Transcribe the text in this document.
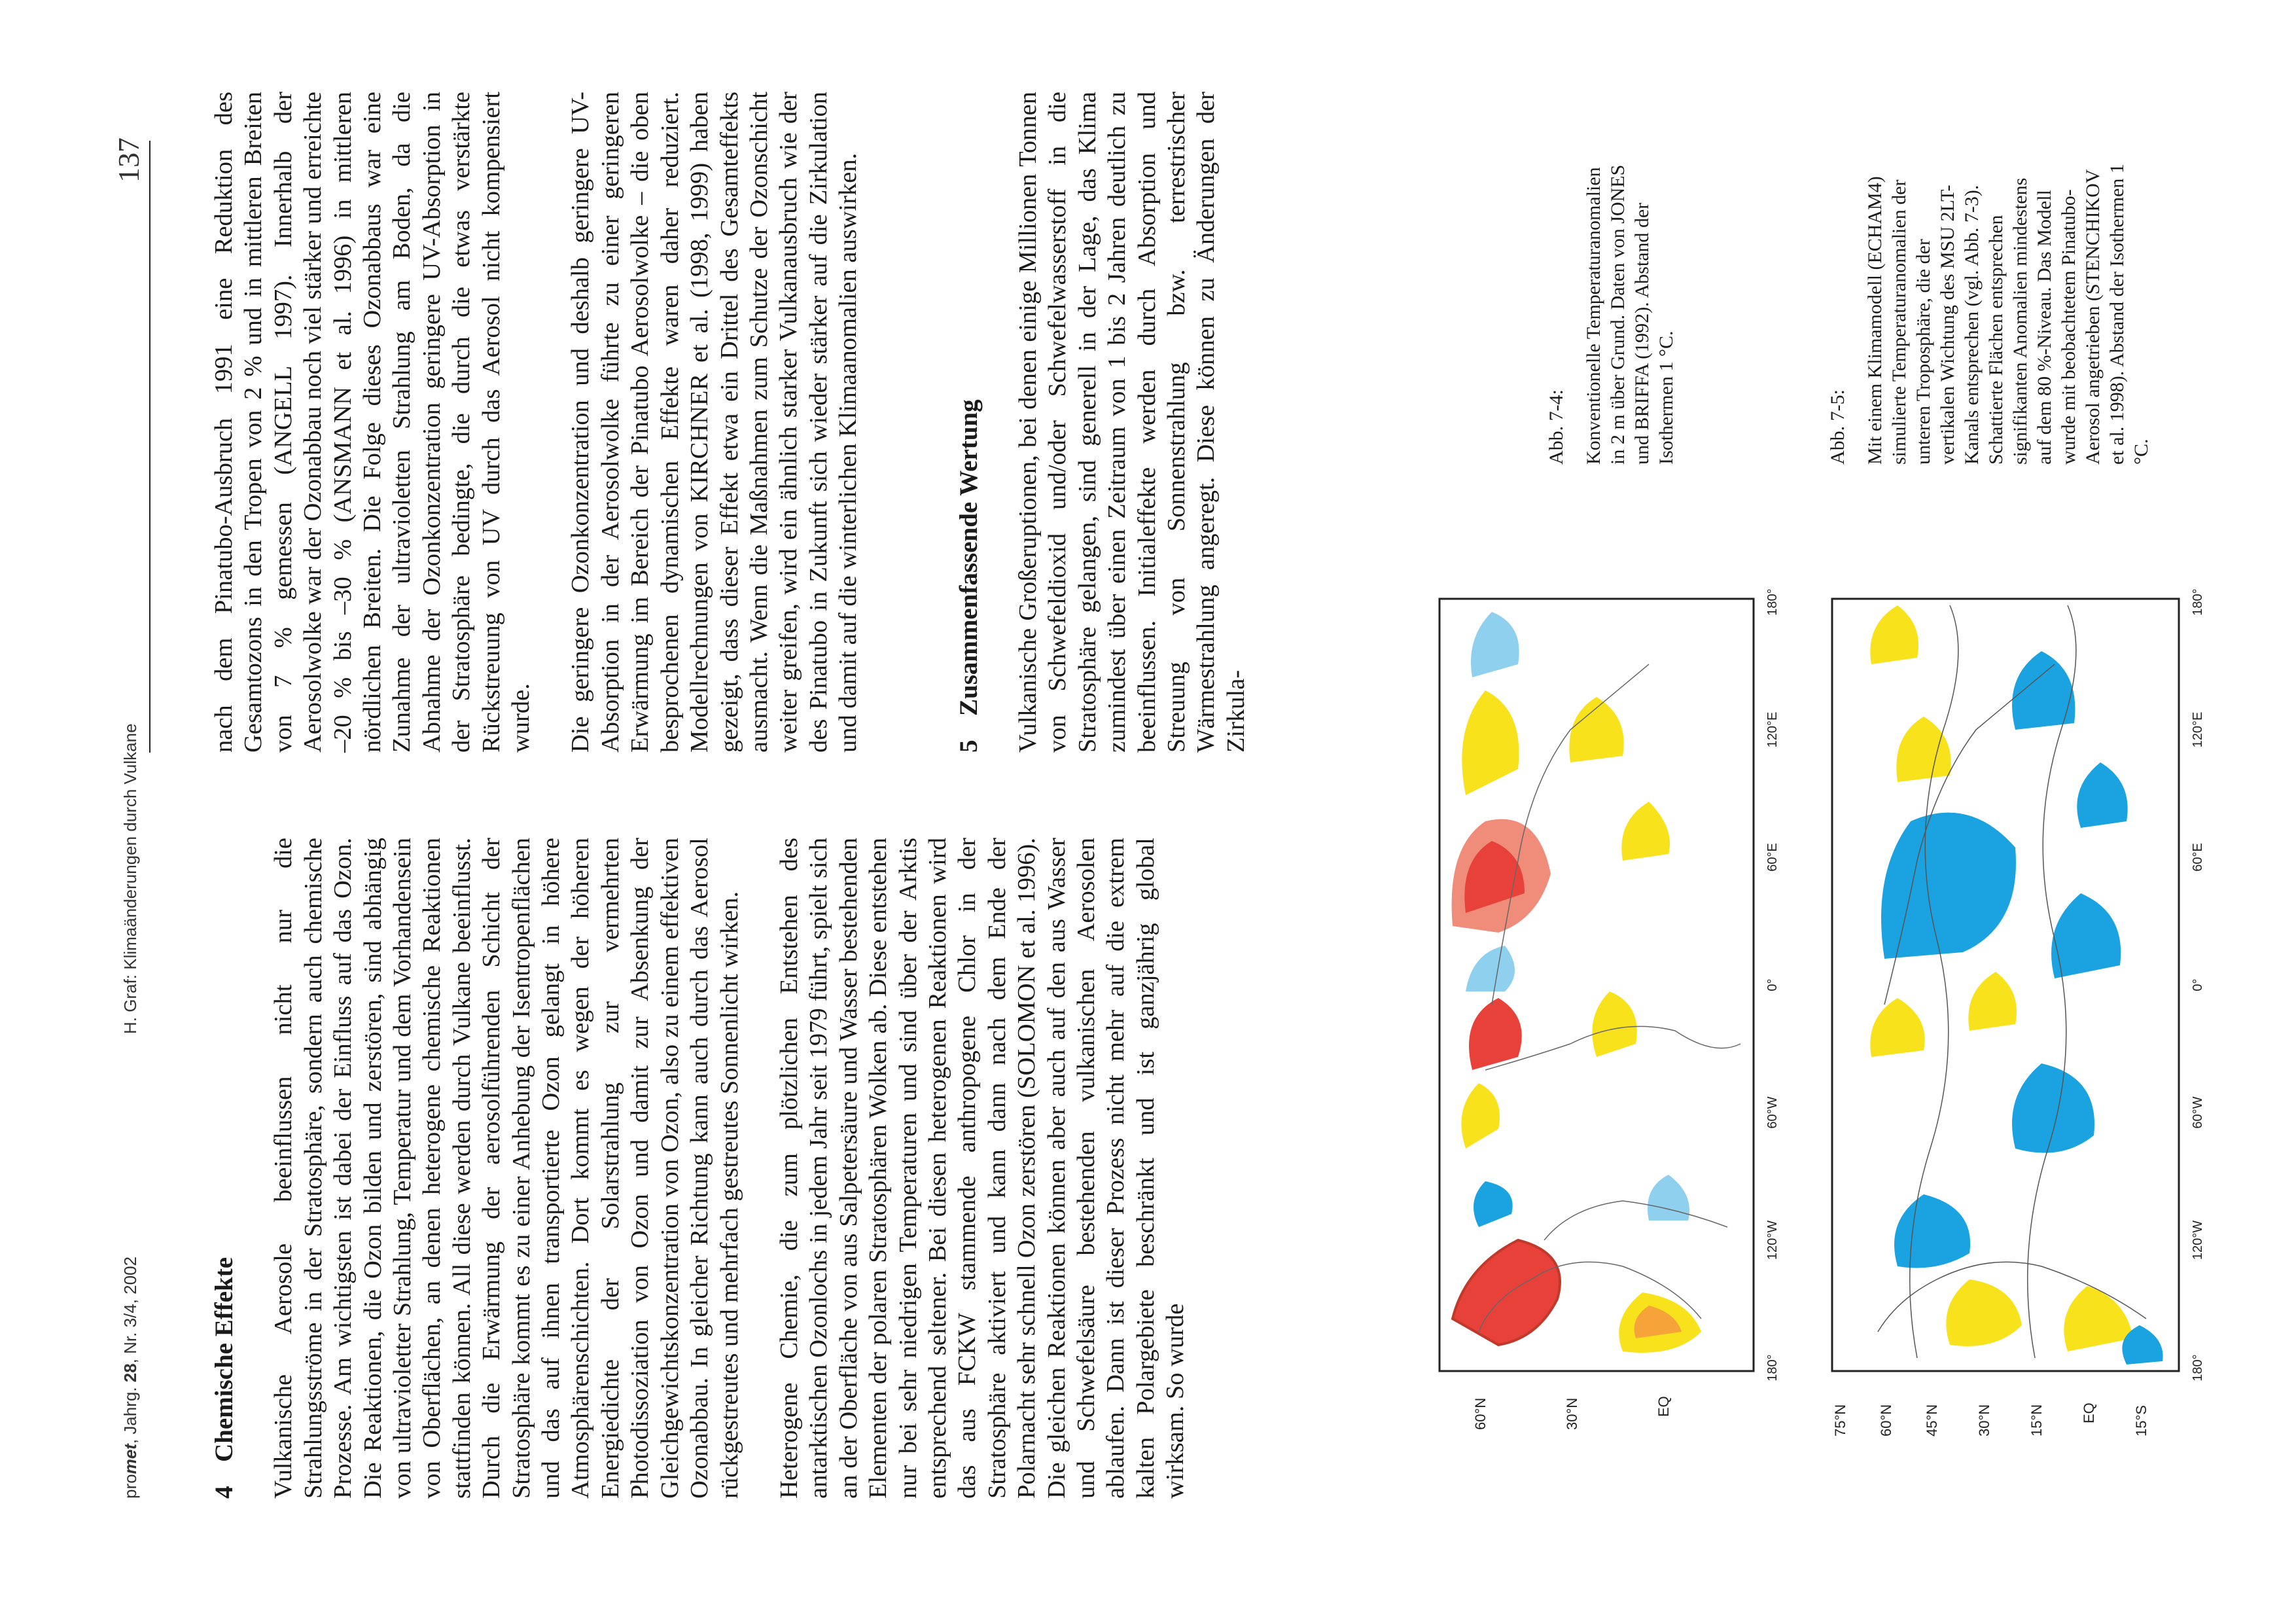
promet, Jahrg. 28, Nr. 3/4, 2002
H. Graf: Klimaänderungen durch Vulkane
137
4Chemische Effekte Vulkanische Aerosole beeinflussen nicht nur die Strahlungsströme in der Stratosphäre, sondern auch chemische Prozesse. Am wichtigsten ist dabei der Einfluss auf das Ozon. Die Reaktionen, die Ozon bilden und zerstören, sind abhängig von ultravioletter Strahlung, Temperatur und dem Vorhandensein von Oberflächen, an denen heterogene chemische Reaktionen stattfinden können. All diese werden durch Vulkane beeinflusst. Durch die Erwärmung der aerosolführenden Schicht der Stratosphäre kommt es zu einer Anhebung der Isentropenflächen und das auf ihnen transportierte Ozon gelangt in höhere Atmosphärenschichten. Dort kommt es wegen der höheren Energiedichte der Solarstrahlung zur vermehrten Photodissoziation von Ozon und damit zur Absenkung der Gleichgewichtskonzentration von Ozon, also zu einem effektiven Ozonabbau. In gleicher Richtung kann auch durch das Aerosol rückgestreutes und mehrfach gestreutes Sonnenlicht wirken. Heterogene Chemie, die zum plötzlichen Entstehen des antarktischen Ozonlochs in jedem Jahr seit 1979 führt, spielt sich an der Oberfläche von aus Salpetersäure und Wasser bestehenden Elementen der polaren Stratosphären Wolken ab. Diese entstehen nur bei sehr niedrigen Temperaturen und sind über der Arktis entsprechend seltener. Bei diesen heterogenen Reaktionen wird das aus FCKW stammende anthropogene Chlor in der Stratosphäre aktiviert und kann dann nach dem Ende der Polarnacht sehr schnell Ozon zerstören (SOLOMON et al. 1996). Die gleichen Reaktionen können aber auch auf den aus Wasser und Schwefelsäure bestehenden vulkanischen Aerosolen ablaufen. Dann ist dieser Prozess nicht mehr auf die extrem kalten Polargebiete beschränkt und ist ganzjährig global wirksam. So wurde

nach dem Pinatubo-Ausbruch 1991 eine Reduktion des Gesamtozons in den Tropen von 2 % und in mittleren Breiten von 7 % gemessen (ANGELL 1997). Innerhalb der Aerosolwolke war der Ozonabbau noch viel stärker und erreichte –20 % bis –30 % (ANSMANN et al. 1996) in mittleren nördlichen Breiten. Die Folge dieses Ozonabbaus war eine Zunahme der ultravioletten Strahlung am Boden, da die Abnahme der Ozonkonzentration geringere UV-Absorption in der Stratosphäre bedingte, die durch die etwas verstärkte Rückstreuung von UV durch das Aerosol nicht kompensiert wurde. Die geringere Ozonkonzentration und deshalb geringere UV-Absorption in der Aerosolwolke führte zu einer geringeren Erwärmung im Bereich der Pinatubo Aerosolwolke – die oben besprochenen dynamischen Effekte waren daher reduziert. Modellrechnungen von KIRCHNER et al. (1998, 1999) haben gezeigt, dass dieser Effekt etwa ein Drittel des Gesamteffekts ausmacht. Wenn die Maßnahmen zum Schutze der Ozonschicht weiter greifen, wird ein ähnlich starker Vulkanausbruch wie der des Pinatubo in Zukunft sich wieder stärker auf die Zirkulation und damit auf die winterlichen Klimaanomalien auswirken.	5Zusammenfassende Wertung Vulkanische Großeruptionen, bei denen einige Millionen Tonnen von Schwefeldioxid und/oder Schwefelwasserstoff in die Stratosphäre gelangen, sind generell in der Lage, das Klima zumindest über einen Zeitraum von 1 bis 2 Jahren deutlich zu beeinflussen. Initialeffekte werden durch Absorption und Streuung von Sonnenstrahlung bzw. terrestrischer Wärmestrahlung angeregt. Diese können zu Änderungen der Zirkula-

60°N	30°N	EQ
180°
120°W
60°W
0°
60°E
120°E
180°
75°N 60°N 45°N	30°N	15°N	EQ	15°S
180°
120°W
60°W
0°
60°E
120°E
180°

Abb. 7-4: Konventionelle Temperaturanomalien in 2 m über Grund. Daten von JONES und BRIFFA (1992). Abstand der Isothermen 1 °C.	Abb. 7-5: Mit einem Klimamodell (ECHAM4) simulierte Temperaturanomalien der unteren Troposphäre, die der vertikalen Wichtung des MSU 2LT-Kanals entsprechen (vgl. Abb. 7-3). Schattierte Flächen entsprechen signifikanten Anomalien mindestens auf dem 80 %-Niveau. Das Modell wurde mit beobachtetem Pinatubo-Aerosol angetrieben (STENCHIKOV et al. 1998). Abstand der Isothermen 1 °C.
